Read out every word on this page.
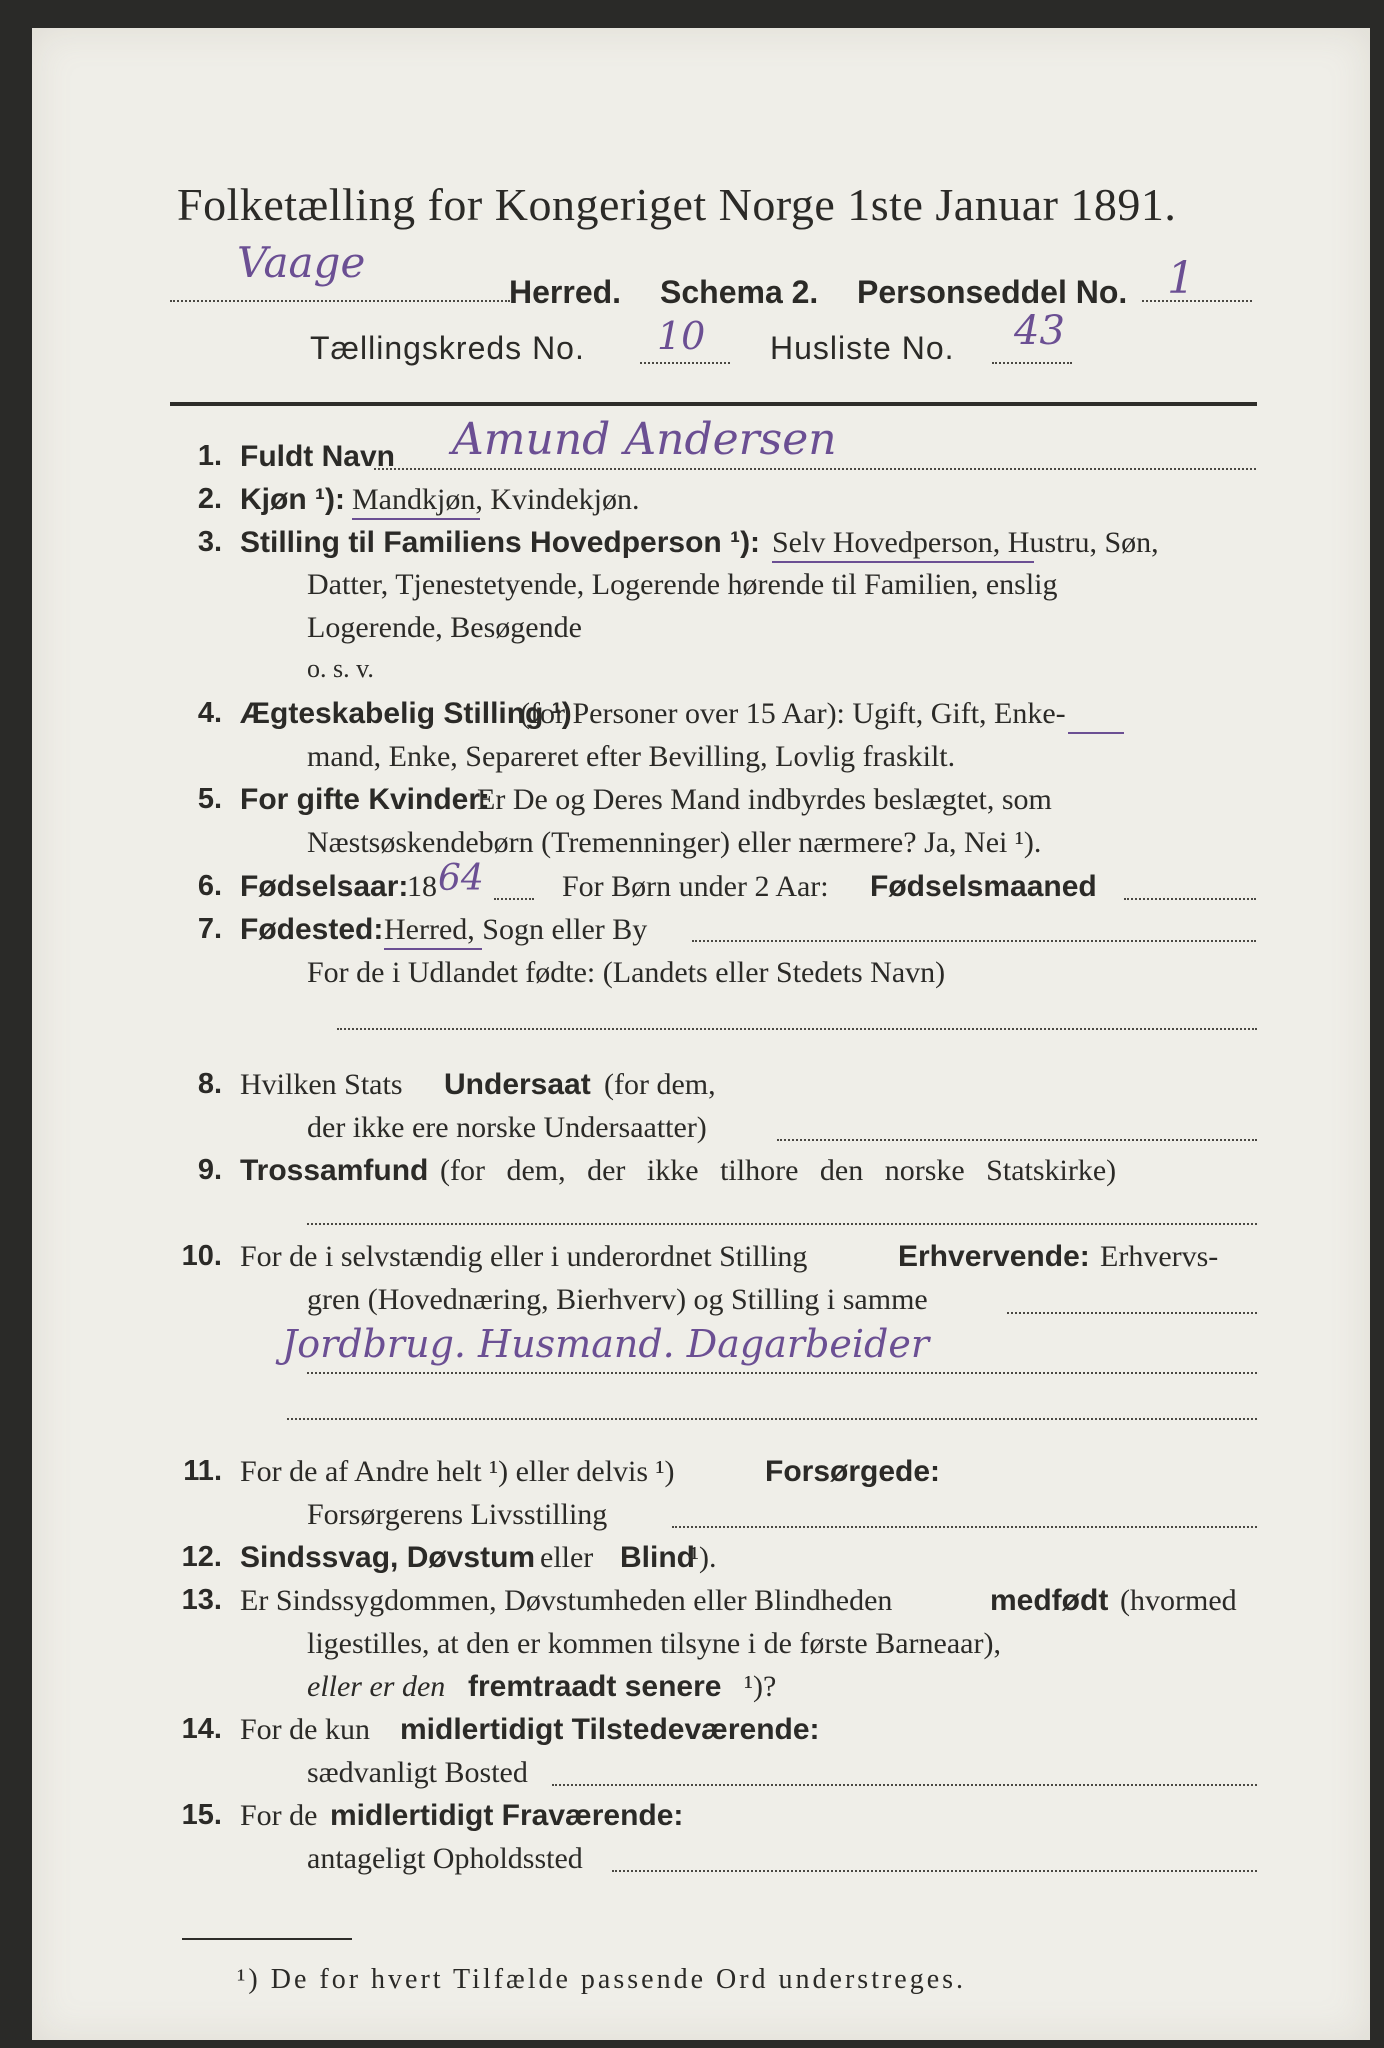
Folketælling for Kongeriget Norge 1ste Januar 1891.
Vaage
Herred. Schema 2. Personseddel No. 1
Tællingskreds No. 10 Husliste No. 43
1. Fuldt Navn Amund Andersen
2. Kjøn ¹): Mandkjøn, Kvindekjøn.
3. Stilling til Familiens Hovedperson ¹): Selv Hovedperson, Hustru, Søn,
Datter, Tjenestetyende, Logerende hørende til Familien, enslig
Logerende, Besøgende
o. s. v.
4. Ægteskabelig Stilling ¹)
(for Personer over 15 Aar): Ugift, Gift, Enke-
mand, Enke, Separeret efter Bevilling, Lovlig fraskilt.
5. For gifte Kvinder:
Er De og Deres Mand indbyrdes beslægtet, som
Næstsøskendebørn (Tremenninger) eller nærmere? Ja, Nei ¹).
6. Fødselsaar:
18 64	For Børn under 2 Aar: Fødselsmaaned
7. Fødested: Herred, Sogn eller By
For de i Udlandet fødte: (Landets eller Stedets Navn)
8. Hvilken Stats Undersaat (for dem,
der ikke ere norske Undersaatter)
9. Trossamfund (for dem, der ikke tilhore den norske Statskirke)
10. For de i selvstændig eller i underordnet Stilling	Erhvervende: Erhvervs-
gren (Hovednæring, Bierhverv) og Stilling i samme
Jordbrug. Husmand. Dagarbeider
11. For de af Andre helt ¹) eller delvis ¹)	Forsørgede:
Forsørgerens Livsstilling
12. Sindssvag, Døvstum eller Blind
¹).
13. Er Sindssygdommen, Døvstumheden eller Blindheden	medfødt (hvormed
ligestilles, at den er kommen tilsyne i de første Barneaar),
eller er den fremtraadt senere ¹)?
14. For de kun midlertidigt Tilstedeværende:
sædvanligt Bosted
15. For de midlertidigt Fraværende:
antageligt Opholdssted
¹) De for hvert Tilfælde passende Ord understreges.
